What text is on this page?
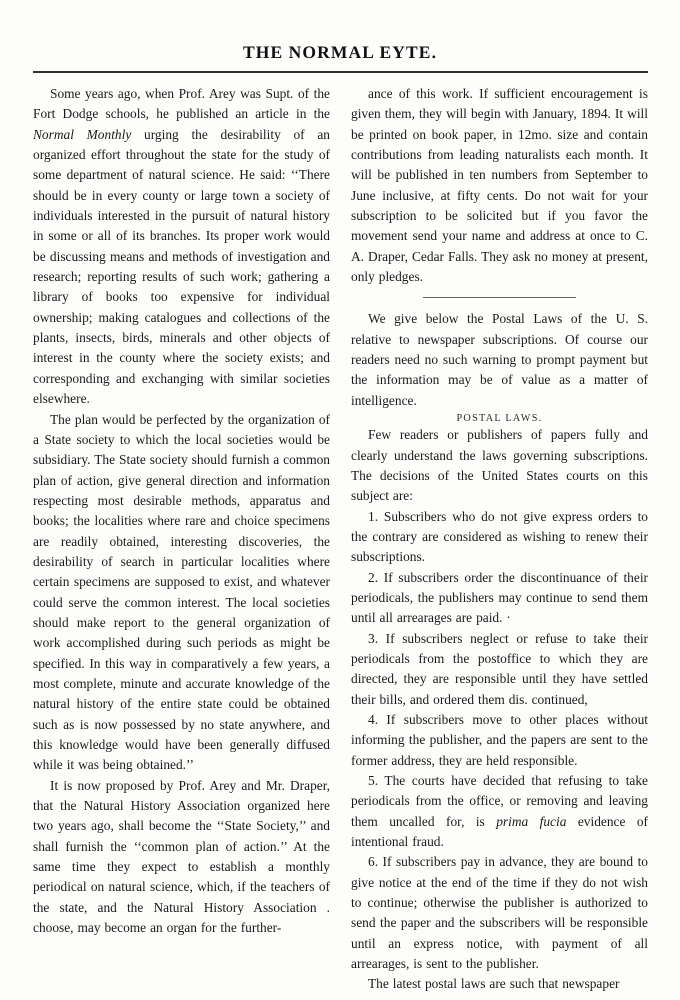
THE NORMAL EYTE.

Some years ago, when Prof. Arey was Supt. of the Fort Dodge schools, he published an article in the Normal Monthly urging the desirability of an organized effort throughout the state for the study of some department of natural science. He said: ‘‘There should be in every county or large town a society of individuals interested in the pursuit of natural history in some or all of its branches. Its proper work would be discussing means and methods of investigation and research; reporting results of such work; gathering a library of books too expensive for individual ownership; making catalogues and collections of the plants, insects, birds, minerals and other objects of interest in the county where the society exists; and corresponding and exchanging with similar societies elsewhere.

The plan would be perfected by the organization of a State society to which the local societies would be subsidiary. The State society should furnish a common plan of action, give general direction and information respecting most desirable methods, apparatus and books; the localities where rare and choice specimens are readily obtained, interesting discoveries, the desirability of search in particular localities where certain specimens are supposed to exist, and whatever could serve the common interest. The local societies should make report to the general organization of work accomplished during such periods as might be specified. In this way in comparatively a few years, a most complete, minute and accurate knowledge of the natural history of the entire state could be obtained such as is now possessed by no state anywhere, and this knowledge would have been generally diffused while it was being obtained.’’

It is now proposed by Prof. Arey and Mr. Draper, that the Natural History Association organized here two years ago, shall become the ‘‘State Society,’’ and shall furnish the ‘‘common plan of action.’’ At the same time they expect to establish a monthly periodical on natural science, which, if the teachers of the state, and the Natural History Association . choose, may become an organ for the further-

ance of this work. If sufficient encouragement is given them, they will begin with January, 1894. It will be printed on book paper, in 12mo. size and contain contributions from leading naturalists each month. It will be published in ten numbers from September to June inclusive, at fifty cents. Do not wait for your subscription to be solicited but if you favor the movement send your name and address at once to C. A. Draper, Cedar Falls. They ask no money at present, only pledges.

We give below the Postal Laws of the U. S. relative to newspaper subscriptions. Of course our readers need no such warning to prompt payment but the information may be of value as a matter of intelligence.

POSTAL LAWS.

Few readers or publishers of papers fully and clearly understand the laws governing subscriptions. The decisions of the United States courts on this subject are:

1. Subscribers who do not give express orders to the contrary are considered as wishing to renew their subscriptions.

2. If subscribers order the discontinuance of their periodicals, the publishers may continue to send them until all arrearages are paid. ·

3. If subscribers neglect or refuse to take their periodicals from the postoffice to which they are directed, they are responsible until they have settled their bills, and ordered them dis. continued,

4. If subscribers move to other places without informing the publisher, and the papers are sent to the former address, they are held responsible.

5. The courts have decided that refusing to take periodicals from the office, or removing and leaving them uncalled for, is prima fucia evidence of intentional fraud.

6. If subscribers pay in advance, they are bound to give notice at the end of the time if they do not wish to continue; otherwise the publisher is authorized to send the paper and the subscribers will be responsible until an express notice, with payment of all arrearages, is sent to the publisher.

The latest postal laws are such that newspaper
